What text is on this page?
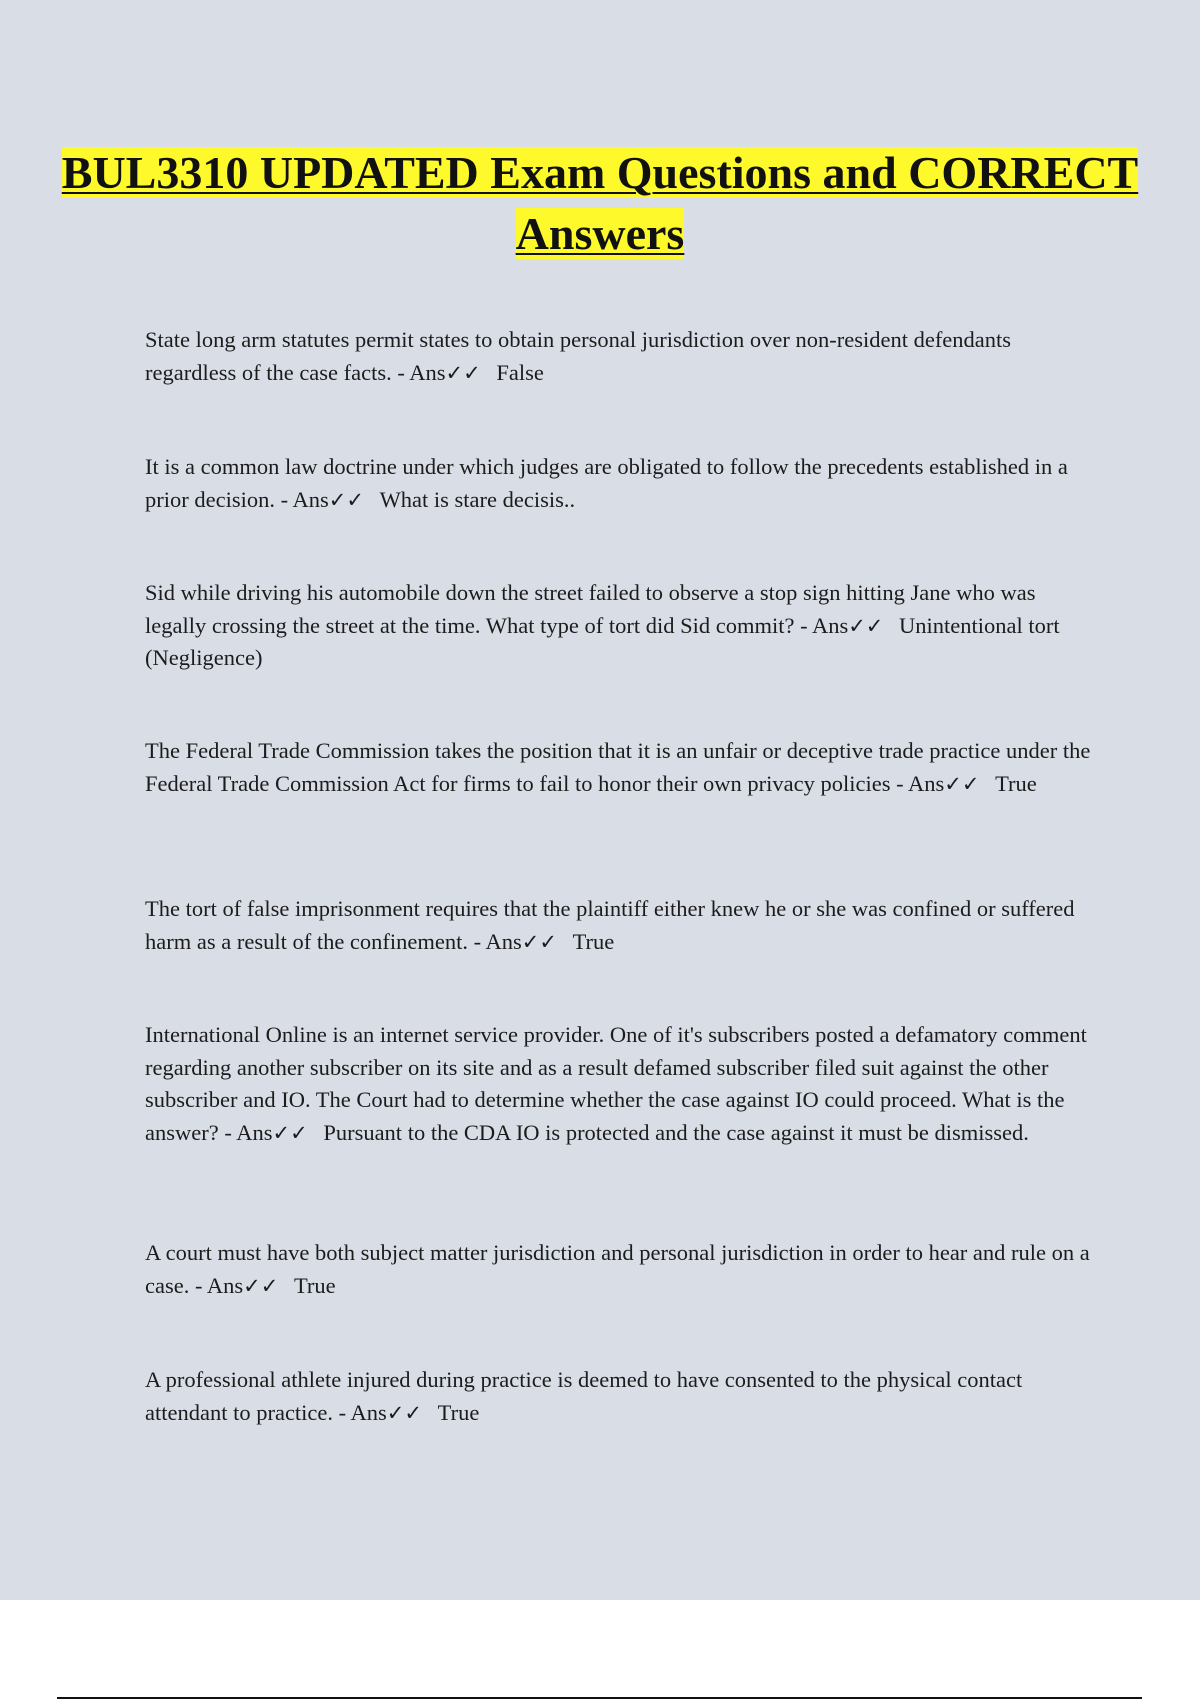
BUL3310 UPDATED Exam Questions and CORRECT Answers
State long arm statutes permit states to obtain personal jurisdiction over non-resident defendants regardless of the case facts. - Ans✓✓ False
It is a common law doctrine under which judges are obligated to follow the precedents established in a prior decision. - Ans✓✓ What is stare decisis..
Sid while driving his automobile down the street failed to observe a stop sign hitting Jane who was legally crossing the street at the time. What type of tort did Sid commit? - Ans✓✓ Unintentional tort (Negligence)
The Federal Trade Commission takes the position that it is an unfair or deceptive trade practice under the Federal Trade Commission Act for firms to fail to honor their own privacy policies - Ans✓✓ True
The tort of false imprisonment requires that the plaintiff either knew he or she was confined or suffered harm as a result of the confinement. - Ans✓✓ True
International Online is an internet service provider. One of it's subscribers posted a defamatory comment regarding another subscriber on its site and as a result defamed subscriber filed suit against the other subscriber and IO. The Court had to determine whether the case against IO could proceed. What is the answer? - Ans✓✓ Pursuant to the CDA IO is protected and the case against it must be dismissed.
A court must have both subject matter jurisdiction and personal jurisdiction in order to hear and rule on a case. - Ans✓✓ True
A professional athlete injured during practice is deemed to have consented to the physical contact attendant to practice. - Ans✓✓ True
